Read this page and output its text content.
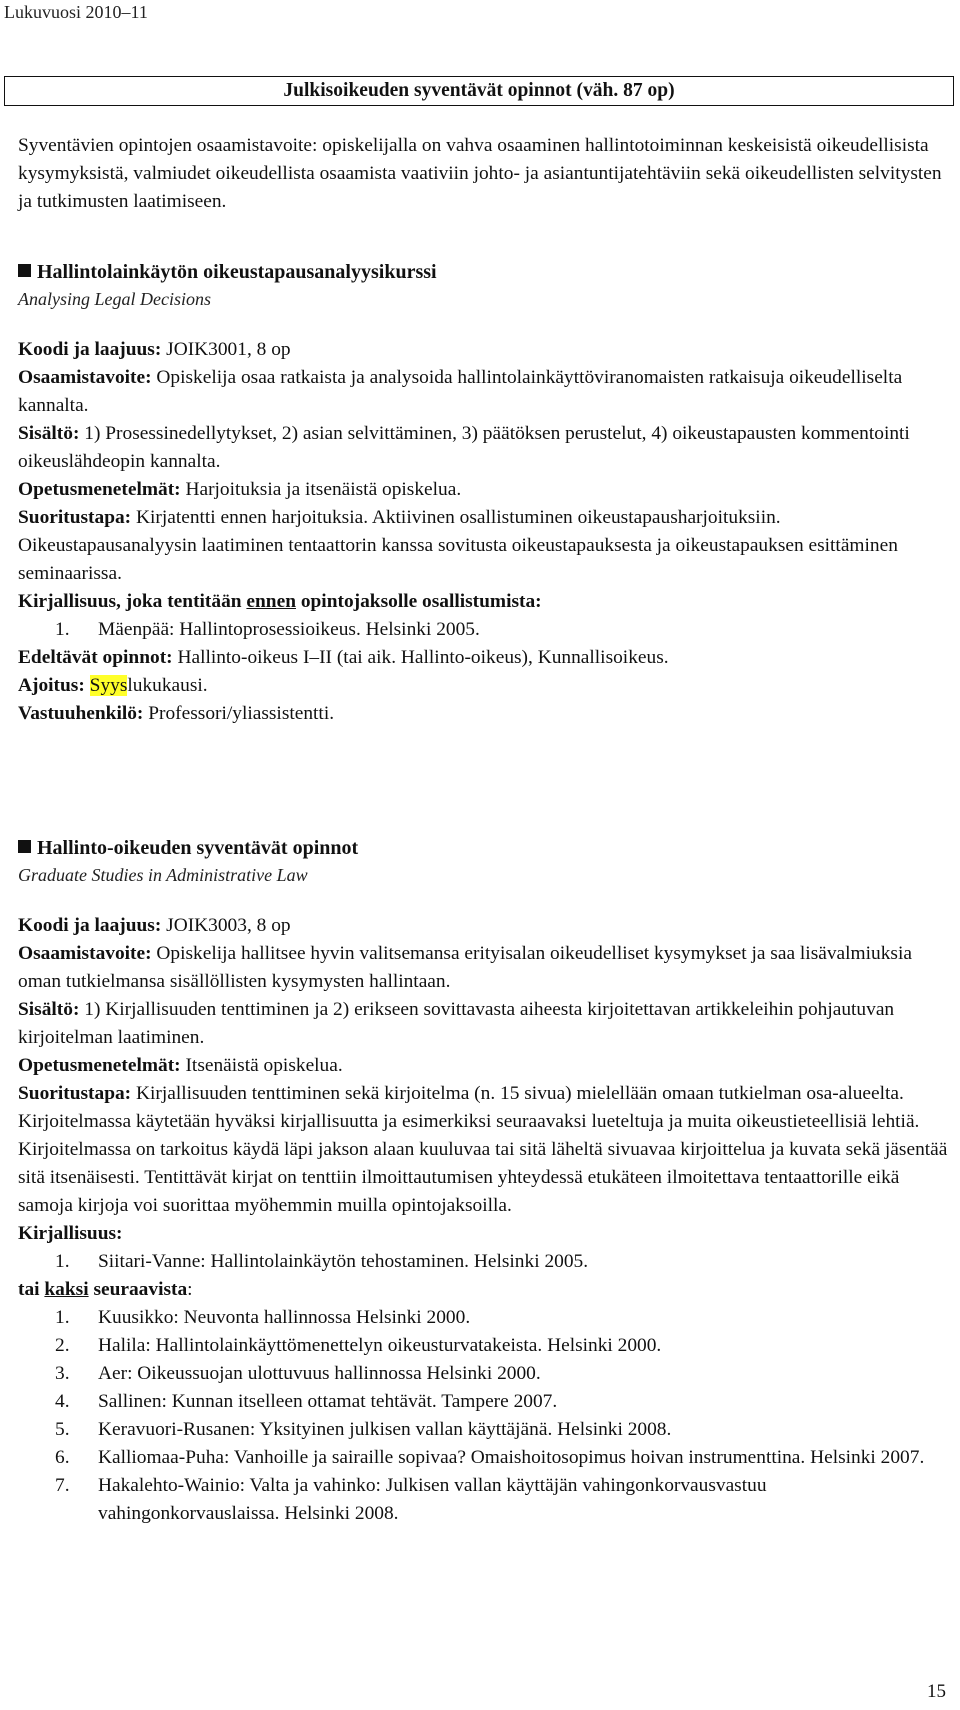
Lukuvuosi 2010–11
Julkisoikeuden syventävät opinnot (väh. 87 op)

Syventävien opintojen osaamistavoite: opiskelijalla on vahva osaaminen hallintotoiminnan keskeisistä oikeudellisista kysymyksistä, valmiudet oikeudellista osaamista vaativiin johto- ja asiantuntijatehtäviin sekä oikeudellisten selvitysten ja tutkimusten laatimiseen.

Hallintolainkäytön oikeustapausanalyysikurssi
Analysing Legal Decisions

Koodi ja laajuus: JOIK3001, 8 op

Osaamistavoite: Opiskelija osaa ratkaista ja analysoida hallintolainkäyttöviranomaisten ratkaisuja oikeudelliselta kannalta.

Sisältö: 1) Prosessinedellytykset, 2) asian selvittäminen, 3) päätöksen perustelut, 4) oikeustapausten kommentointi oikeuslähdeopin kannalta.

Opetusmenetelmät: Harjoituksia ja itsenäistä opiskelua.

Suoritustapa: Kirjatentti ennen harjoituksia. Aktiivinen osallistuminen oikeustapausharjoituksiin.

Oikeustapausanalyysin laatiminen tentaattorin kanssa sovitusta oikeustapauksesta ja oikeustapauksen esittäminen seminaarissa.

Kirjallisuus, joka tentitään ennen opintojaksolle osallistumista:

1. Mäenpää: Hallintoprosessioikeus. Helsinki 2005.

Edeltävät opinnot: Hallinto-oikeus I–II (tai aik. Hallinto-oikeus), Kunnallisoikeus.

Ajoitus: Syyslukukausi.

Vastuuhenkilö: Professori/yliassistentti.

Hallinto-oikeuden syventävät opinnot
Graduate Studies in Administrative Law

Koodi ja laajuus: JOIK3003, 8 op

Osaamistavoite: Opiskelija hallitsee hyvin valitsemansa erityisalan oikeudelliset kysymykset ja saa lisävalmiuksia oman tutkielmansa sisällöllisten kysymysten hallintaan.

Sisältö: 1) Kirjallisuuden tenttiminen ja 2) erikseen sovittavasta aiheesta kirjoitettavan artikkeleihin pohjautuvan kirjoitelman laatiminen.

Opetusmenetelmät: Itsenäistä opiskelua.

Suoritustapa: Kirjallisuuden tenttiminen sekä kirjoitelma (n. 15 sivua) mielellään omaan tutkielman osa-alueelta. Kirjoitelmassa käytetään hyväksi kirjallisuutta ja esimerkiksi seuraavaksi lueteltuja ja muita oikeustieteellisiä lehtiä. Kirjoitelmassa on tarkoitus käydä läpi jakson alaan kuuluvaa tai sitä läheltä sivuavaa kirjoittelua ja kuvata sekä jäsentää sitä itsenäisesti. Tentittävät kirjat on tenttiin ilmoittautumisen yhteydessä etukäteen ilmoitettava tentaattorille eikä samoja kirjoja voi suorittaa myöhemmin muilla opintojaksoilla.

Kirjallisuus:

1. Siitari-Vanne: Hallintolainkäytön tehostaminen. Helsinki 2005.

tai kaksi seuraavista:

1. Kuusikko: Neuvonta hallinnossa Helsinki 2000.
2. Halila: Hallintolainkäyttömenettelyn oikeusturvatakeista. Helsinki 2000.
3. Aer: Oikeussuojan ulottuvuus hallinnossa Helsinki 2000.
4. Sallinen: Kunnan itselleen ottamat tehtävät. Tampere 2007.
5. Keravuori-Rusanen: Yksityinen julkisen vallan käyttäjänä. Helsinki 2008.
6. Kalliomaa-Puha: Vanhoille ja sairaille sopivaa? Omaishoitosopimus hoivan instrumenttina. Helsinki 2007.
7. Hakalehto-Wainio: Valta ja vahinko: Julkisen vallan käyttäjän vahingonkorvausvastuu vahingonkorvauslaissa. Helsinki 2008.
15
